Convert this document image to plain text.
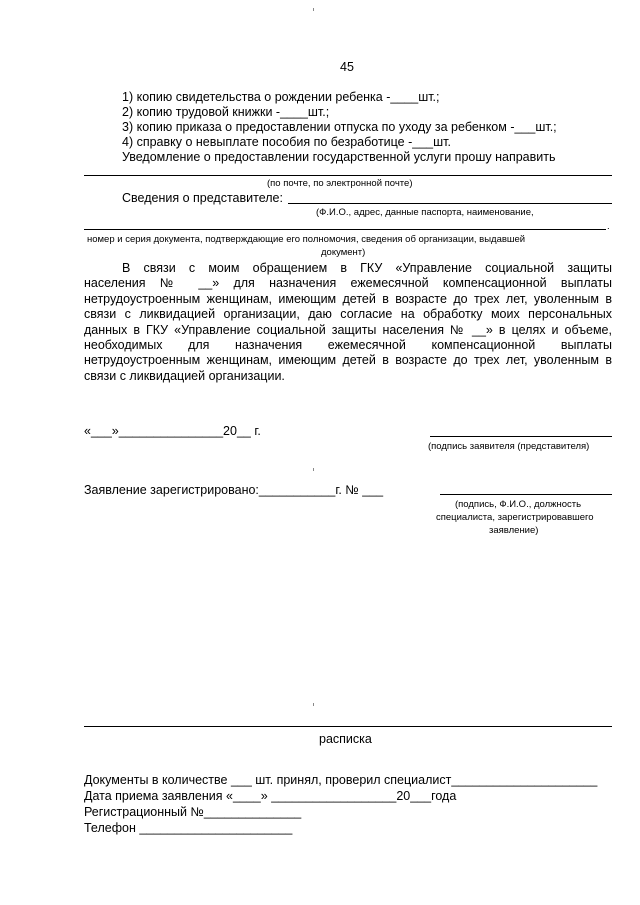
45
1) копию свидетельства о рождении ребенка -____шт.;
2) копию трудовой книжки -____шт.;
3) копию приказа о предоставлении отпуска по уходу за ребенком -___шт.;
4) справку о невыплате пособия по безработице -___шт.
Уведомление о предоставлении государственной услуги прошу направить
(по почте, по электронной почте)
Сведения о представителе:
(Ф.И.О., адрес, данные паспорта, наименование,
.
номер и серия документа, подтверждающие его полномочия, сведения об организации, выдавшей
документ)
В связи с моим обращением в ГКУ «Управление социальной защиты
населения № __» для назначения ежемесячной компенсационной выплаты
нетрудоустроенным женщинам, имеющим детей в возрасте до трех лет, уволенным в
связи с ликвидацией организации, даю согласие на обработку моих персональных
данных в ГКУ «Управление социальной защиты населения № __» в целях и объеме,
необходимых для назначения ежемесячной компенсационной выплаты
нетрудоустроенным женщинам, имеющим детей в возрасте до трех лет, уволенным в
связи с ликвидацией организации.
«___»_______________20__ г.
(подпись заявителя (представителя)
Заявление зарегистрировано:___________г. № ___
(подпись, Ф.И.О., должность
специалиста, зарегистрировавшего
заявление)
расписка
Документы в количестве ___ шт. принял, проверил специалист_____________________
Дата приема заявления «____» __________________20___года
Регистрационный №______________
Телефон ______________________
